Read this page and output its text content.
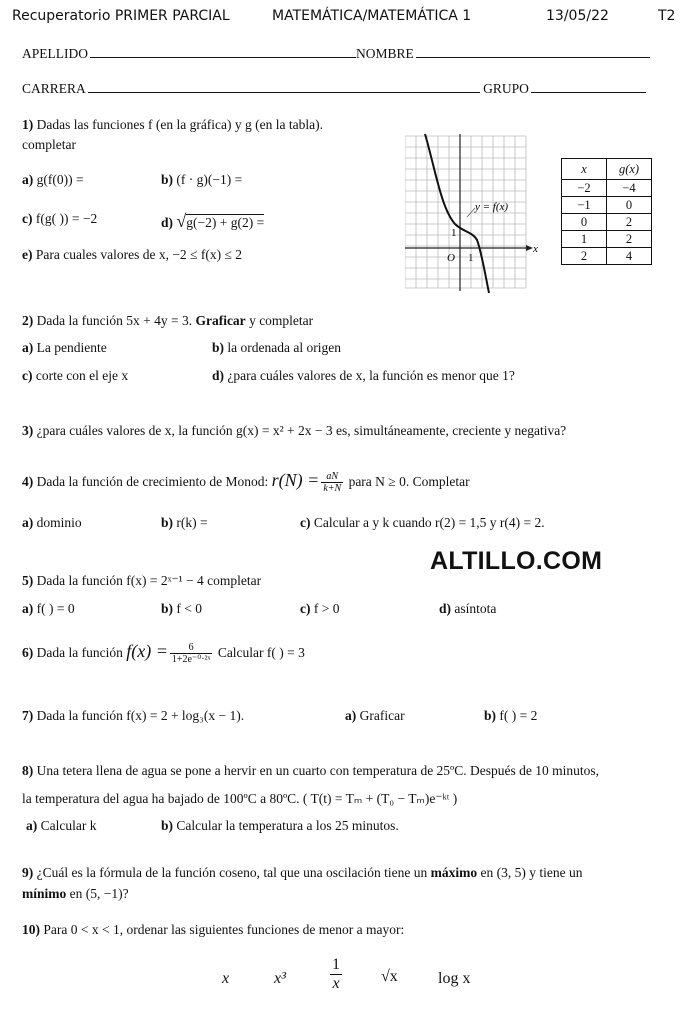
Recuperatorio PRIMER PARCIAL	MATEMÁTICA/MATEMÁTICA 1	13/05/22	T2
APELLIDO	NOMBRE
CARRERA	GRUPO
1) Dadas las funciones f (en la gráfica) y g (en la tabla).
completar
a) g(f(0)) =	b) (f · g)(−1) =
c) f(g( )) = −2	d) √g(−2) + g(2) =
e) Para cuales valores de x, −2 ≤ f(x) ≤ 2
y = f(x)
1
O 1
x
x	g(x)
−2	−4
−1	0
0	2
1	2
2	4
2) Dada la función 5x + 4y = 3. Graficar y completar
a) La pendiente	b) la ordenada al origen
c) corte con el eje x	d) ¿para cuáles valores de x, la función es menor que 1?
3) ¿para cuáles valores de x, la función g(x) = x² + 2x − 3 es, simultáneamente, creciente y negativa?
4) Dada la función de crecimiento de Monod: $r(N) = \frac{aN}{k+N}$ para N ≥ 0. Completar
a) dominio	b) r(k) =	c) Calcular a y k cuando r(2) = 1,5 y r(4) = 2.
ALTILLO.COM
5) Dada la función f(x) = 2ˣ⁻¹ − 4 completar
a) f( ) = 0	b) f < 0	c) f > 0	d) asíntota
6) Dada la función $f(x) = \frac{6}{\text{1+2e⁻⁰·²ˣ}}$ Calcular f( ) = 3
7) Dada la función f(x) = 2 + log₃(x − 1).	a) Graficar	b) f( ) = 2
8) Una tetera llena de agua se pone a hervir en un cuarto con temperatura de 25ºC. Después de 10 minutos,
la temperatura del agua ha bajado de 100ºC a 80ºC. ( T(t) = Tₘ + (T₀ − Tₘ)e⁻ᵏᵗ )
a) Calcular k	b) Calcular la temperatura a los 25 minutos.
9) ¿Cuál es la fórmula de la función coseno, tal que una oscilación tiene un máximo en (3, 5) y tiene un
mínimo en (5, −1)?
10) Para 0 < x < 1, ordenar las siguientes funciones de menor a mayor:
x	x³	$\frac{1}{x} √x$	log x
